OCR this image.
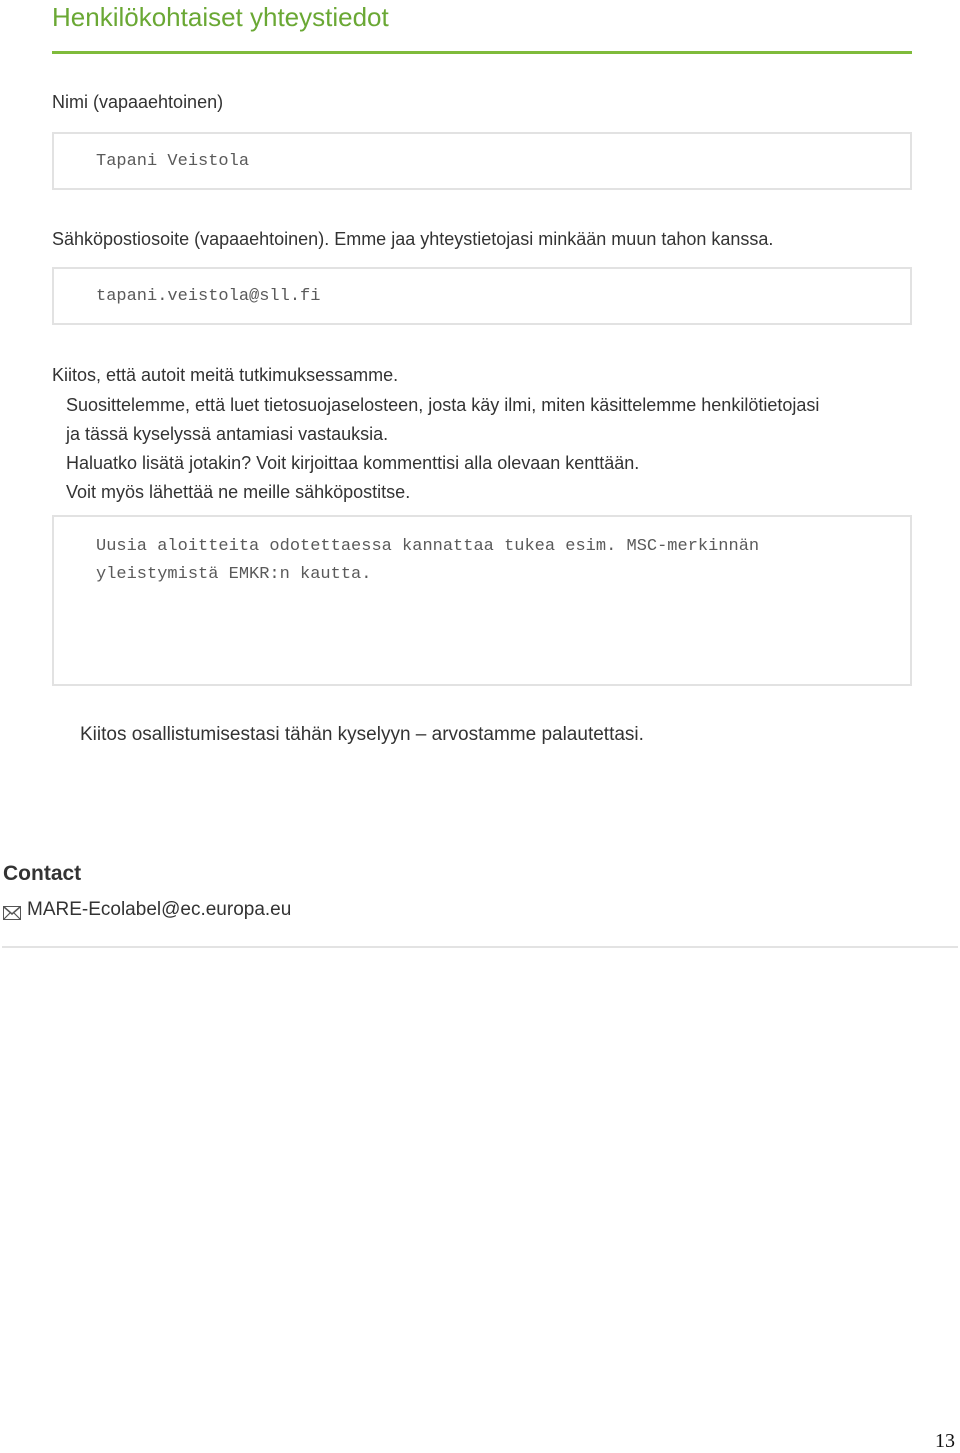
Henkilökohtaiset yhteystiedot
Nimi (vapaaehtoinen)
Tapani Veistola
Sähköpostiosoite (vapaaehtoinen). Emme jaa yhteystietojasi minkään muun tahon kanssa.
tapani.veistola@sll.fi
Kiitos, että autoit meitä tutkimuksessamme.
Suosittelemme, että luet tietosuojaselosteen, josta käy ilmi, miten käsittelemme henkilötietojasi
ja tässä kyselyssä antamiasi vastauksia.
Haluatko lisätä jotakin? Voit kirjoittaa kommenttisi alla olevaan kenttään.
Voit myös lähettää ne meille sähköpostitse.
Uusia aloitteita odotettaessa kannattaa tukea esim. MSC-merkinnän
yleistymistä EMKR:n kautta.
Kiitos osallistumisestasi tähän kyselyyn – arvostamme palautettasi.
Contact
MARE-Ecolabel@ec.europa.eu
13
